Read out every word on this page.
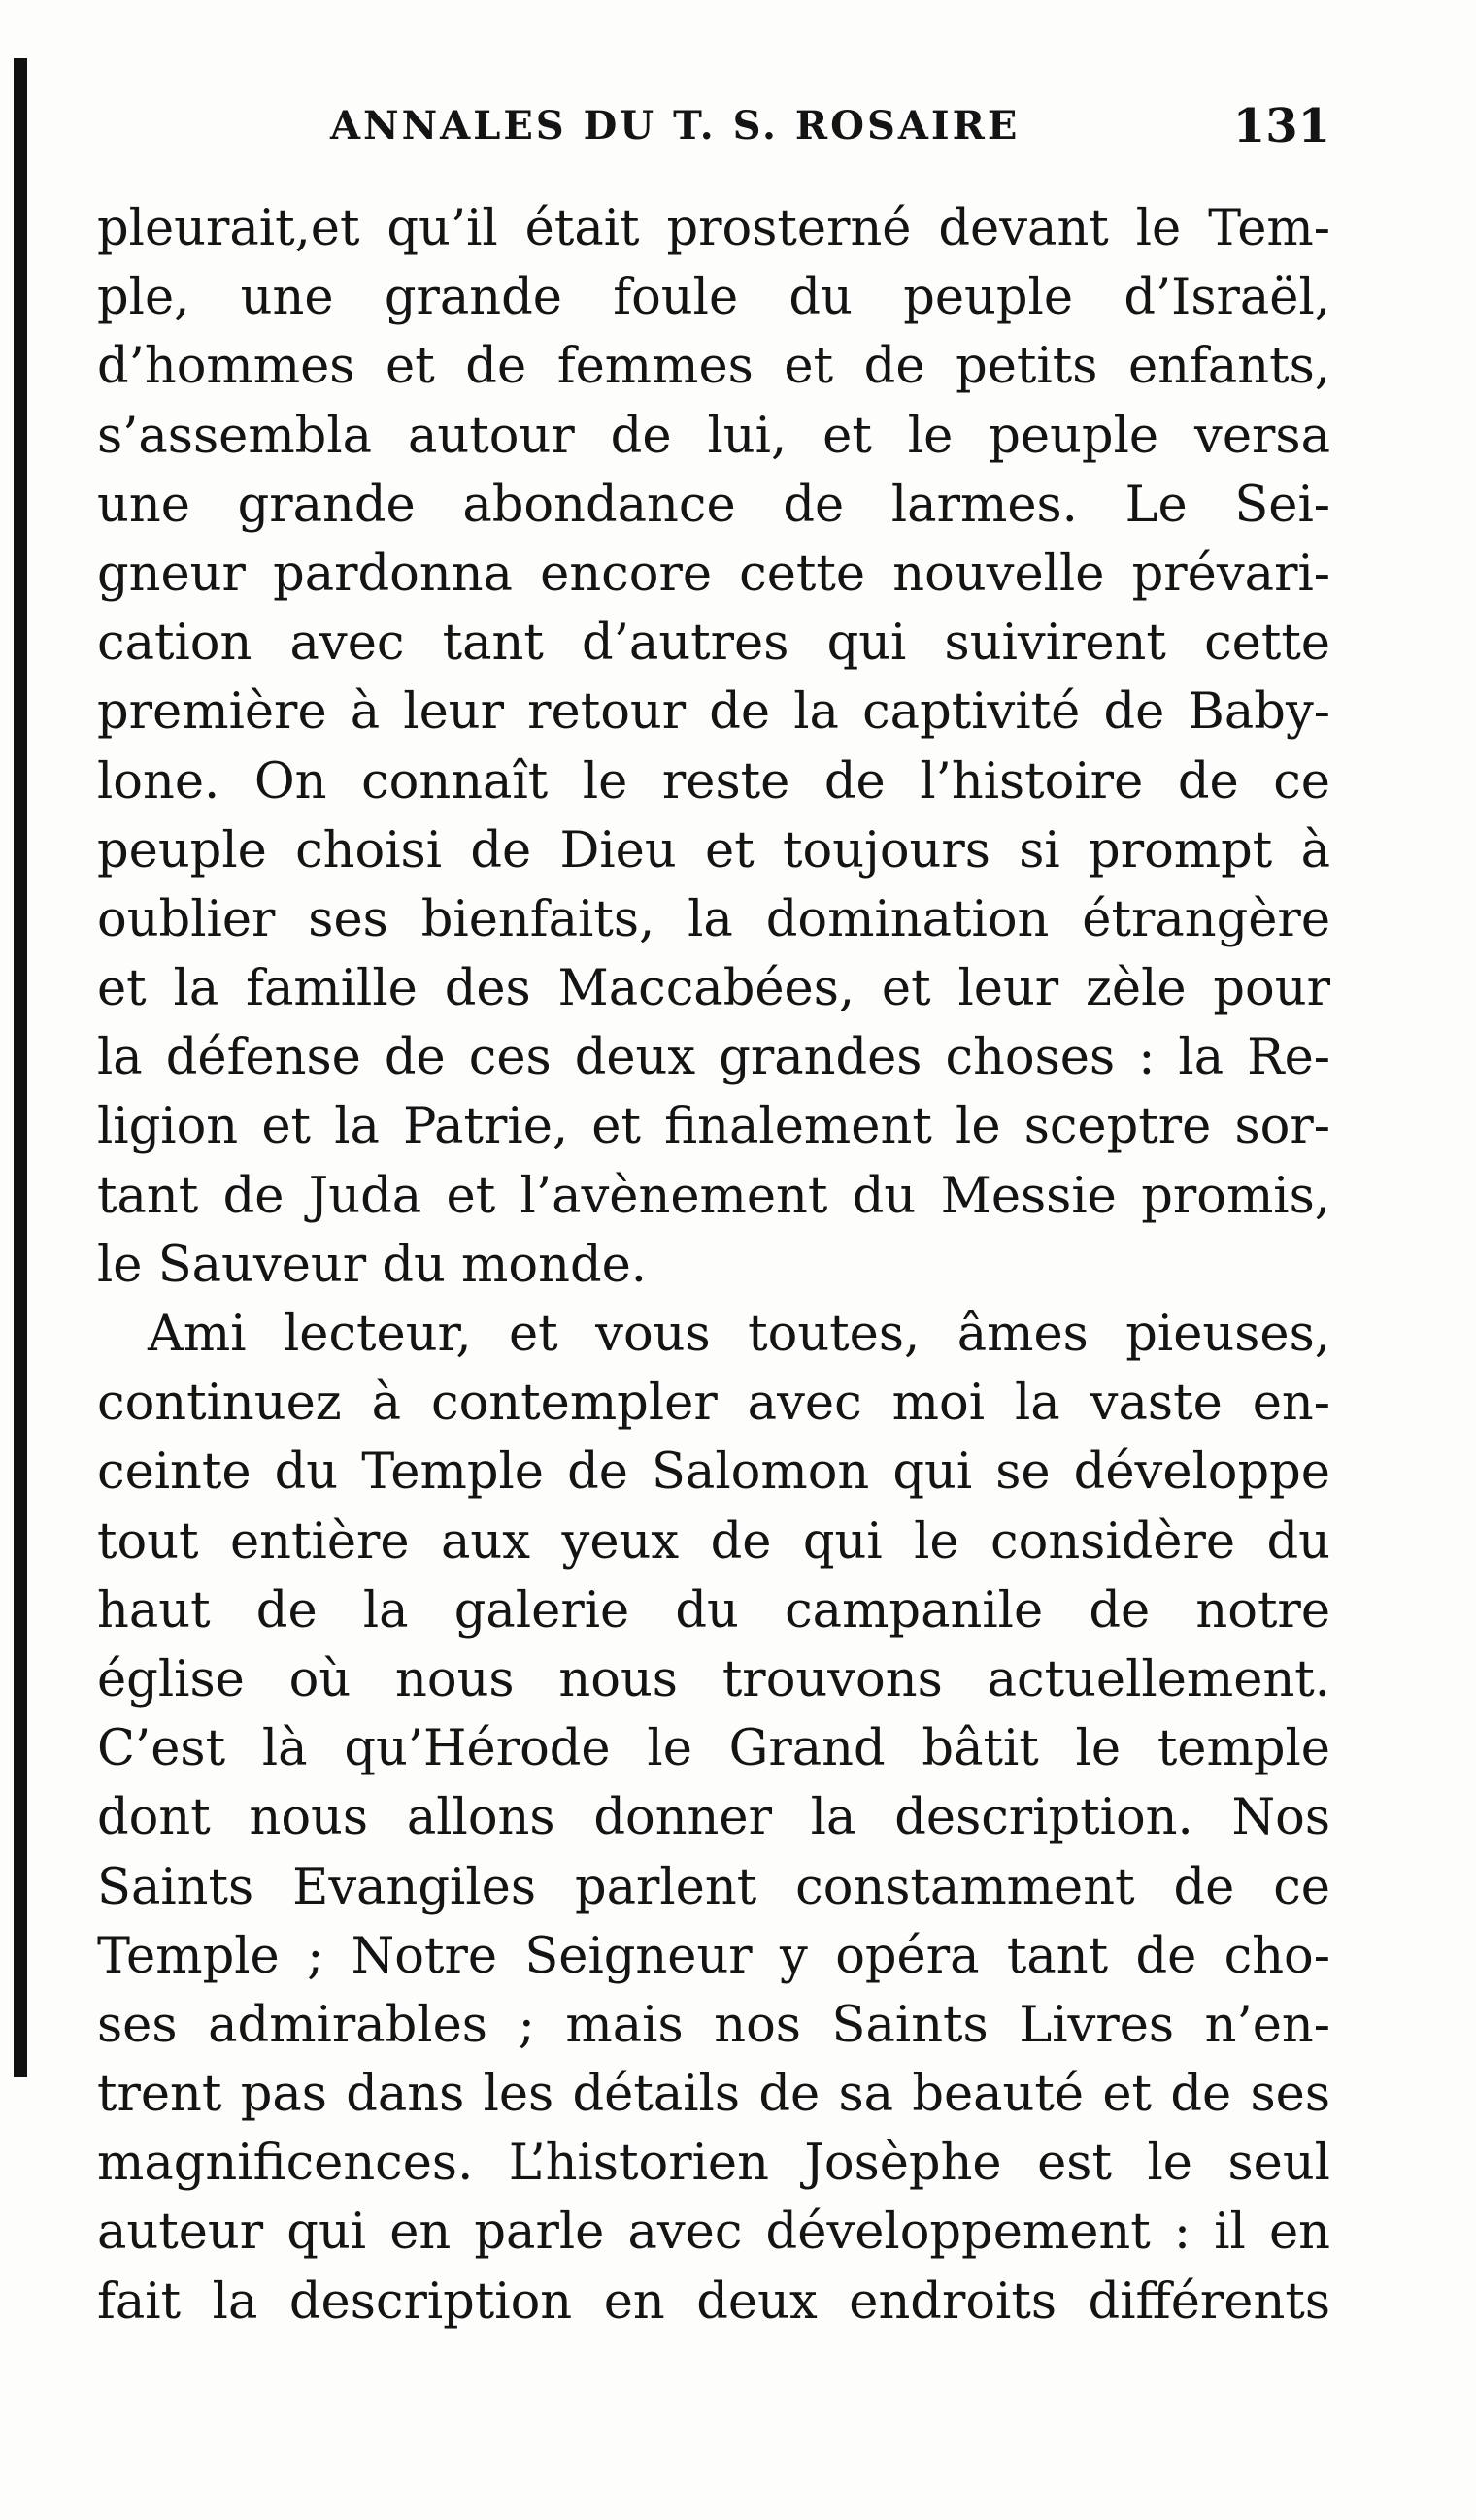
ANNALES DU T. S. ROSAIRE	131
pleurait,et qu’il était prosterné devant le Tem-
ple, une grande foule du peuple d’Israël,
d’hommes et de femmes et de petits enfants,
s’assembla autour de lui, et le peuple versa
une grande abondance de larmes. Le Sei-
gneur pardonna encore cette nouvelle prévari-
cation avec tant d’autres qui suivirent cette
première à leur retour de la captivité de Baby-
lone. On connaît le reste de l’histoire de ce
peuple choisi de Dieu et toujours si prompt à
oublier ses bienfaits, la domination étrangère
et la famille des Maccabées, et leur zèle pour
la défense de ces deux grandes choses : la Re-
ligion et la Patrie, et finalement le sceptre sor-
tant de Juda et l’avènement du Messie promis,
le Sauveur du monde.
Ami lecteur, et vous toutes, âmes pieuses,
continuez à contempler avec moi la vaste en-
ceinte du Temple de Salomon qui se développe
tout entière aux yeux de qui le considère du
haut de la galerie du campanile de notre
église où nous nous trouvons actuellement.
C’est là qu’Hérode le Grand bâtit le temple
dont nous allons donner la description. Nos
Saints Evangiles parlent constamment de ce
Temple ; Notre Seigneur y opéra tant de cho-
ses admirables ; mais nos Saints Livres n’en-
trent pas dans les détails de sa beauté et de ses
magnificences. L’historien Josèphe est le seul
auteur qui en parle avec développement : il en
fait la description en deux endroits différents
